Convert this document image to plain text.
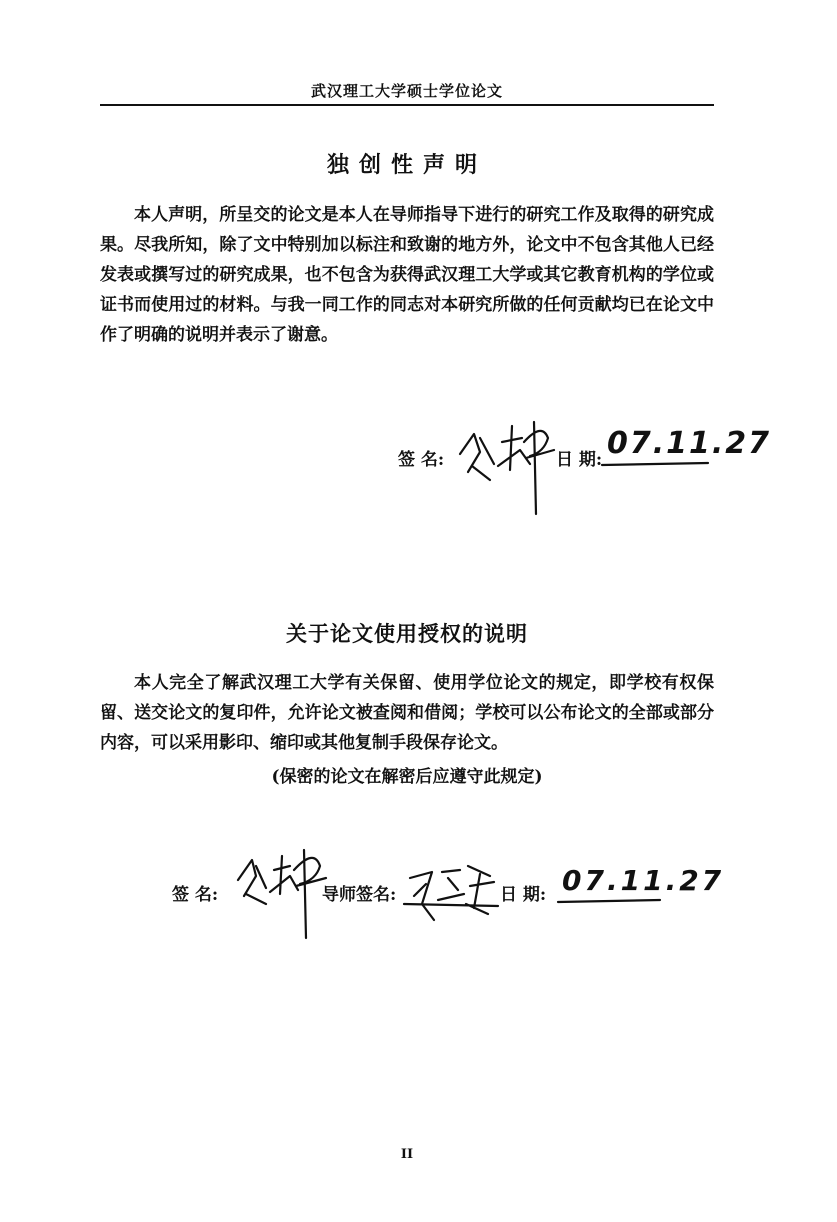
武汉理工大学硕士学位论文
独创性声明
本人声明，所呈交的论文是本人在导师指导下进行的研究工作及取得的研究成果。尽我所知，除了文中特别加以标注和致谢的地方外，论文中不包含其他人已经发表或撰写过的研究成果，也不包含为获得武汉理工大学或其它教育机构的学位或证书而使用过的材料。与我一同工作的同志对本研究所做的任何贡献均已在论文中作了明确的说明并表示了谢意。
签 名:	日 期: 07.11.27
关于论文使用授权的说明
本人完全了解武汉理工大学有关保留、使用学位论文的规定，即学校有权保留、送交论文的复印件，允许论文被查阅和借阅；学校可以公布论文的全部或部分内容，可以采用影印、缩印或其他复制手段保存论文。
(保密的论文在解密后应遵守此规定)
签 名:	导师签名:	日 期: 07.11.27
II
